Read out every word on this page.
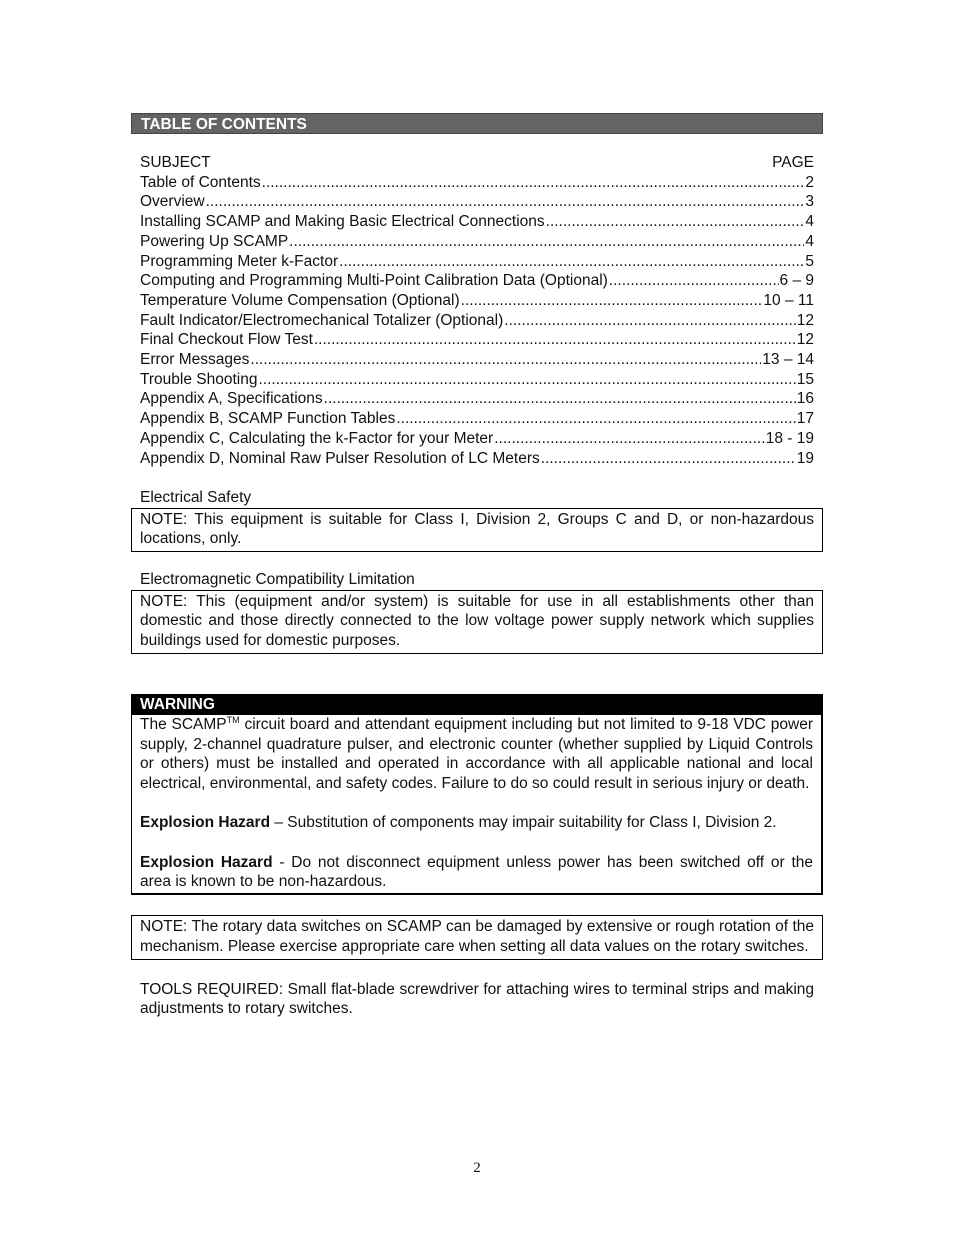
TABLE OF CONTENTS
SUBJECT	PAGE
Table of Contents .....	2
Overview .....	3
Installing SCAMP and Making Basic Electrical Connections .....	4
Powering Up SCAMP .....	4
Programming Meter k-Factor .....	5
Computing and Programming Multi-Point Calibration Data (Optional) .....	6 – 9
Temperature Volume Compensation (Optional) .....	10 – 11
Fault Indicator/Electromechanical Totalizer (Optional) .....	12
Final Checkout Flow Test .....	12
Error Messages .....	13 – 14
Trouble Shooting .....	15
Appendix A, Specifications .....	16
Appendix B, SCAMP Function Tables .....	17
Appendix C, Calculating the k-Factor for your Meter .....	18 - 19
Appendix D, Nominal Raw Pulser Resolution of LC Meters .....	19
Electrical Safety
NOTE: This equipment is suitable for Class I, Division 2, Groups C and D, or non-hazardous locations, only.
Electromagnetic Compatibility Limitation
NOTE: This (equipment and/or system) is suitable for use in all establishments other than domestic and those directly connected to the low voltage power supply network which supplies buildings used for domestic purposes.
WARNING

The SCAMP™ circuit board and attendant equipment including but not limited to 9-18 VDC power supply, 2-channel quadrature pulser, and electronic counter (whether supplied by Liquid Controls or others) must be installed and operated in accordance with all applicable national and local electrical, environmental, and safety codes. Failure to do so could result in serious injury or death.

Explosion Hazard – Substitution of components may impair suitability for Class I, Division 2.

Explosion Hazard - Do not disconnect equipment unless power has been switched off or the area is known to be non-hazardous.

NOTE: The rotary data switches on SCAMP can be damaged by extensive or rough rotation of the mechanism. Please exercise appropriate care when setting all data values on the rotary switches.
TOOLS REQUIRED: Small flat-blade screwdriver for attaching wires to terminal strips and making adjustments to rotary switches.
2
